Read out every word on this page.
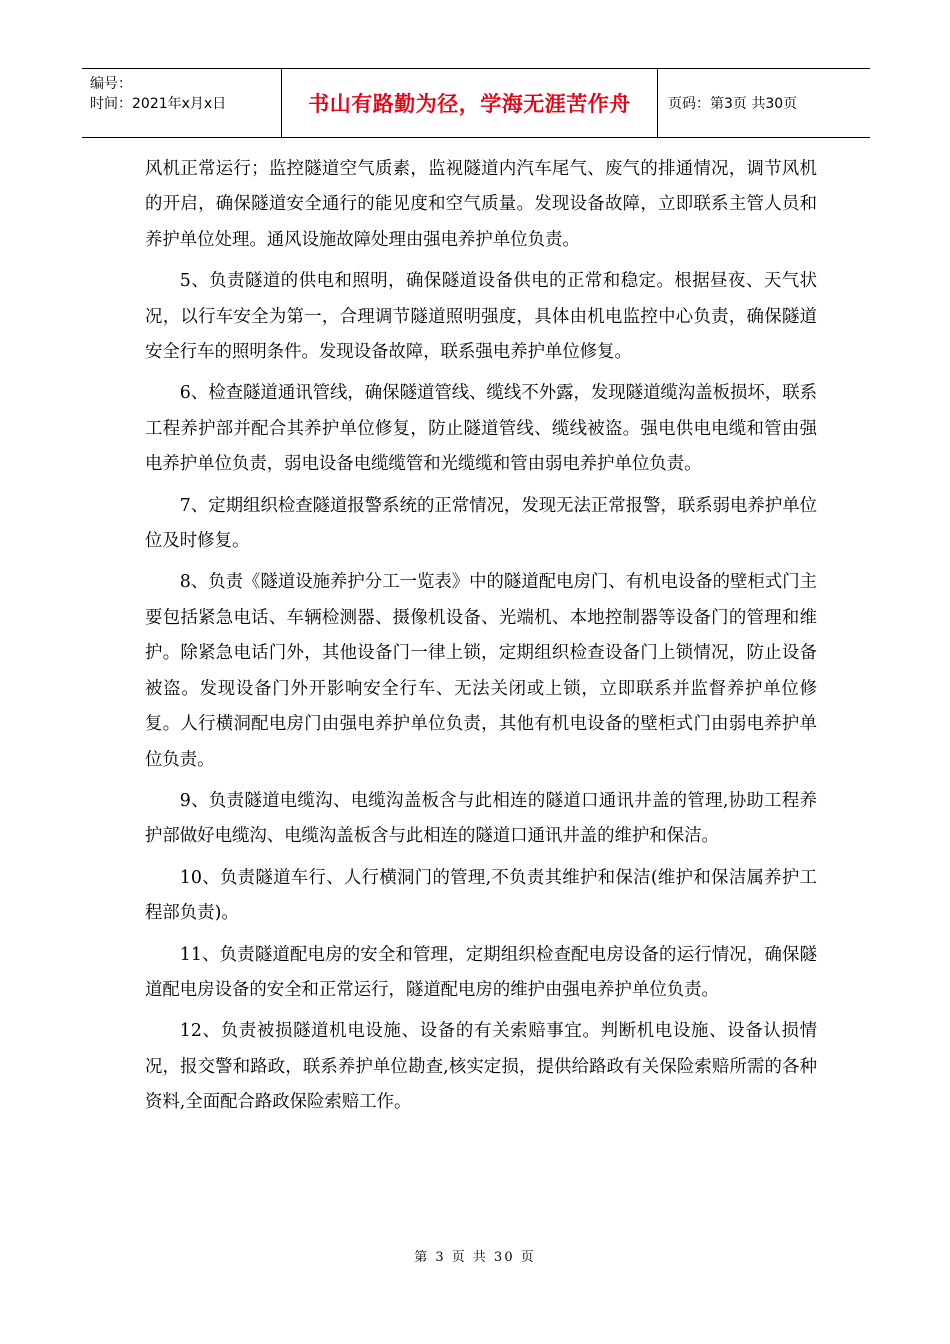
编号：
时间：2021年x月x日	书山有路勤为径，学海无涯苦作舟	页码：第3页 共30页

风机正常运行；监控隧道空气质素，监视隧道内汽车尾气、废气的排通情况，调节风机的开启，确保隧道安全通行的能见度和空气质量。发现设备故障，立即联系主管人员和养护单位处理。通风设施故障处理由强电养护单位负责。

5、负责隧道的供电和照明，确保隧道设备供电的正常和稳定。根据昼夜、天气状况，以行车安全为第一，合理调节隧道照明强度，具体由机电监控中心负责，确保隧道安全行车的照明条件。发现设备故障，联系强电养护单位修复。

6、检查隧道通讯管线，确保隧道管线、缆线不外露，发现隧道缆沟盖板损坏，联系工程养护部并配合其养护单位修复，防止隧道管线、缆线被盗。强电供电电缆和管由强电养护单位负责，弱电设备电缆缆管和光缆缆和管由弱电养护单位负责。

7、定期组织检查隧道报警系统的正常情况，发现无法正常报警，联系弱电养护单位位及时修复。

8、负责《隧道设施养护分工一览表》中的隧道配电房门、有机电设备的壁柜式门主要包括紧急电话、车辆检测器、摄像机设备、光端机、本地控制器等设备门的管理和维护。除紧急电话门外，其他设备门一律上锁，定期组织检查设备门上锁情况，防止设备被盗。发现设备门外开影响安全行车、无法关闭或上锁，立即联系并监督养护单位修复。人行横洞配电房门由强电养护单位负责，其他有机电设备的壁柜式门由弱电养护单位负责。

9、负责隧道电缆沟、电缆沟盖板含与此相连的隧道口通讯井盖的管理,协助工程养护部做好电缆沟、电缆沟盖板含与此相连的隧道口通讯井盖的维护和保洁。

10、负责隧道车行、人行横洞门的管理,不负责其维护和保洁(维护和保洁属养护工程部负责)。

11、负责隧道配电房的安全和管理，定期组织检查配电房设备的运行情况，确保隧道配电房设备的安全和正常运行，隧道配电房的维护由强电养护单位负责。

12、负责被损隧道机电设施、设备的有关索赔事宜。判断机电设施、设备认损情况，报交警和路政，联系养护单位勘查,核实定损，提供给路政有关保险索赔所需的各种资料,全面配合路政保险索赔工作。

第 3 页 共 30 页
